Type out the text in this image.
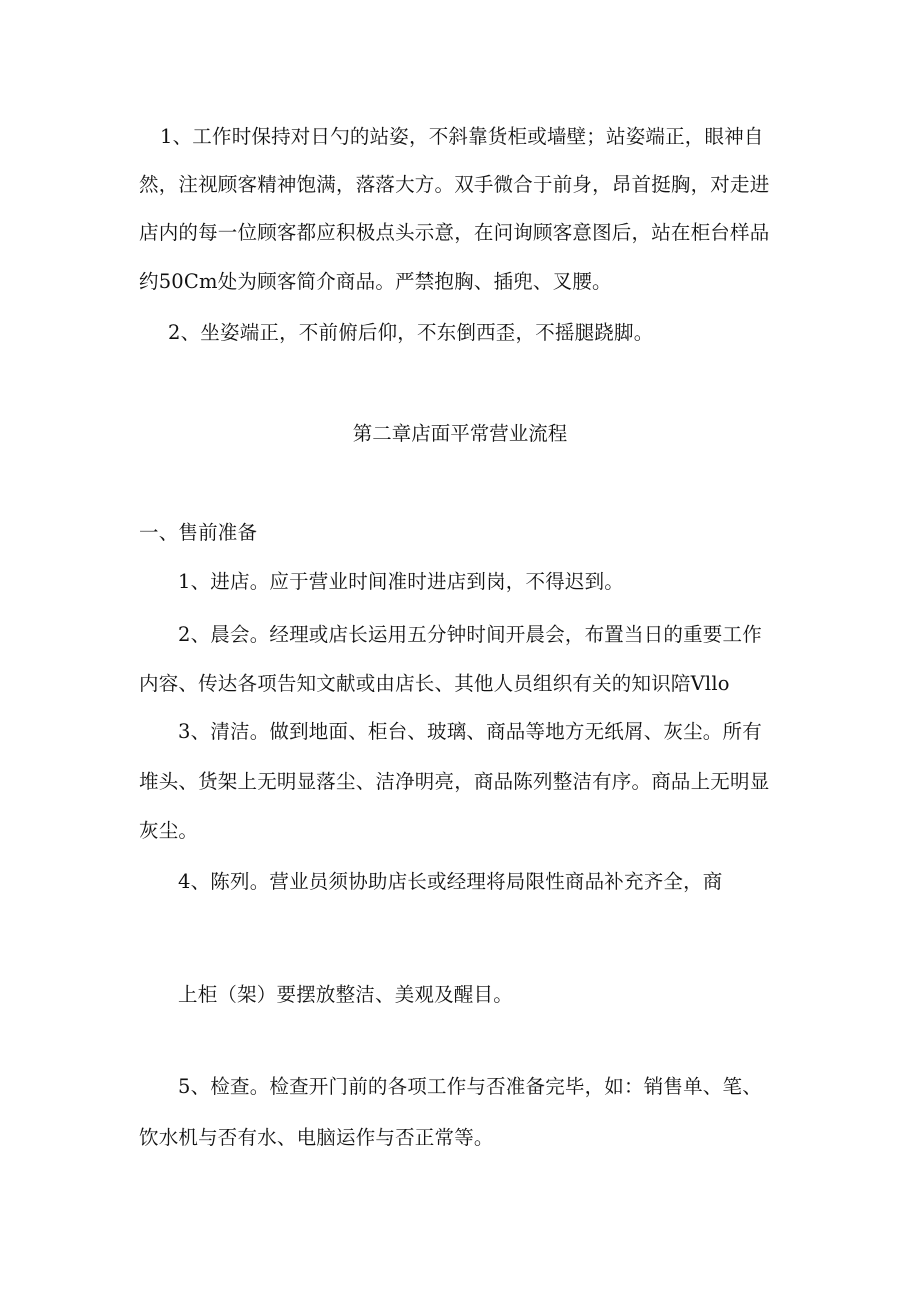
1、工作时保持对日勺的站姿，不斜靠货柜或墙壁；站姿端正，眼神自
然，注视顾客精神饱满，落落大方。双手微合于前身，昂首挺胸，对走进
店内的每一位顾客都应积极点头示意，在问询顾客意图后，站在柜台样品
约50Cm处为顾客简介商品。严禁抱胸、插兜、叉腰。
2、坐姿端正，不前俯后仰，不东倒西歪，不摇腿跷脚。
第二章店面平常营业流程
一、售前准备
1、进店。应于营业时间准时进店到岗，不得迟到。
2、晨会。经理或店长运用五分钟时间开晨会，布置当日的重要工作
内容、传达各项告知文献或由店长、其他人员组织有关的知识陪Vllo
3、清洁。做到地面、柜台、玻璃、商品等地方无纸屑、灰尘。所有
堆头、货架上无明显落尘、洁净明亮，商品陈列整洁有序。商品上无明显
灰尘。
4、陈列。营业员须协助店长或经理将局限性商品补充齐全，商
上柜（架）要摆放整洁、美观及醒目。
5、检查。检查开门前的各项工作与否准备完毕，如：销售单、笔、
饮水机与否有水、电脑运作与否正常等。
